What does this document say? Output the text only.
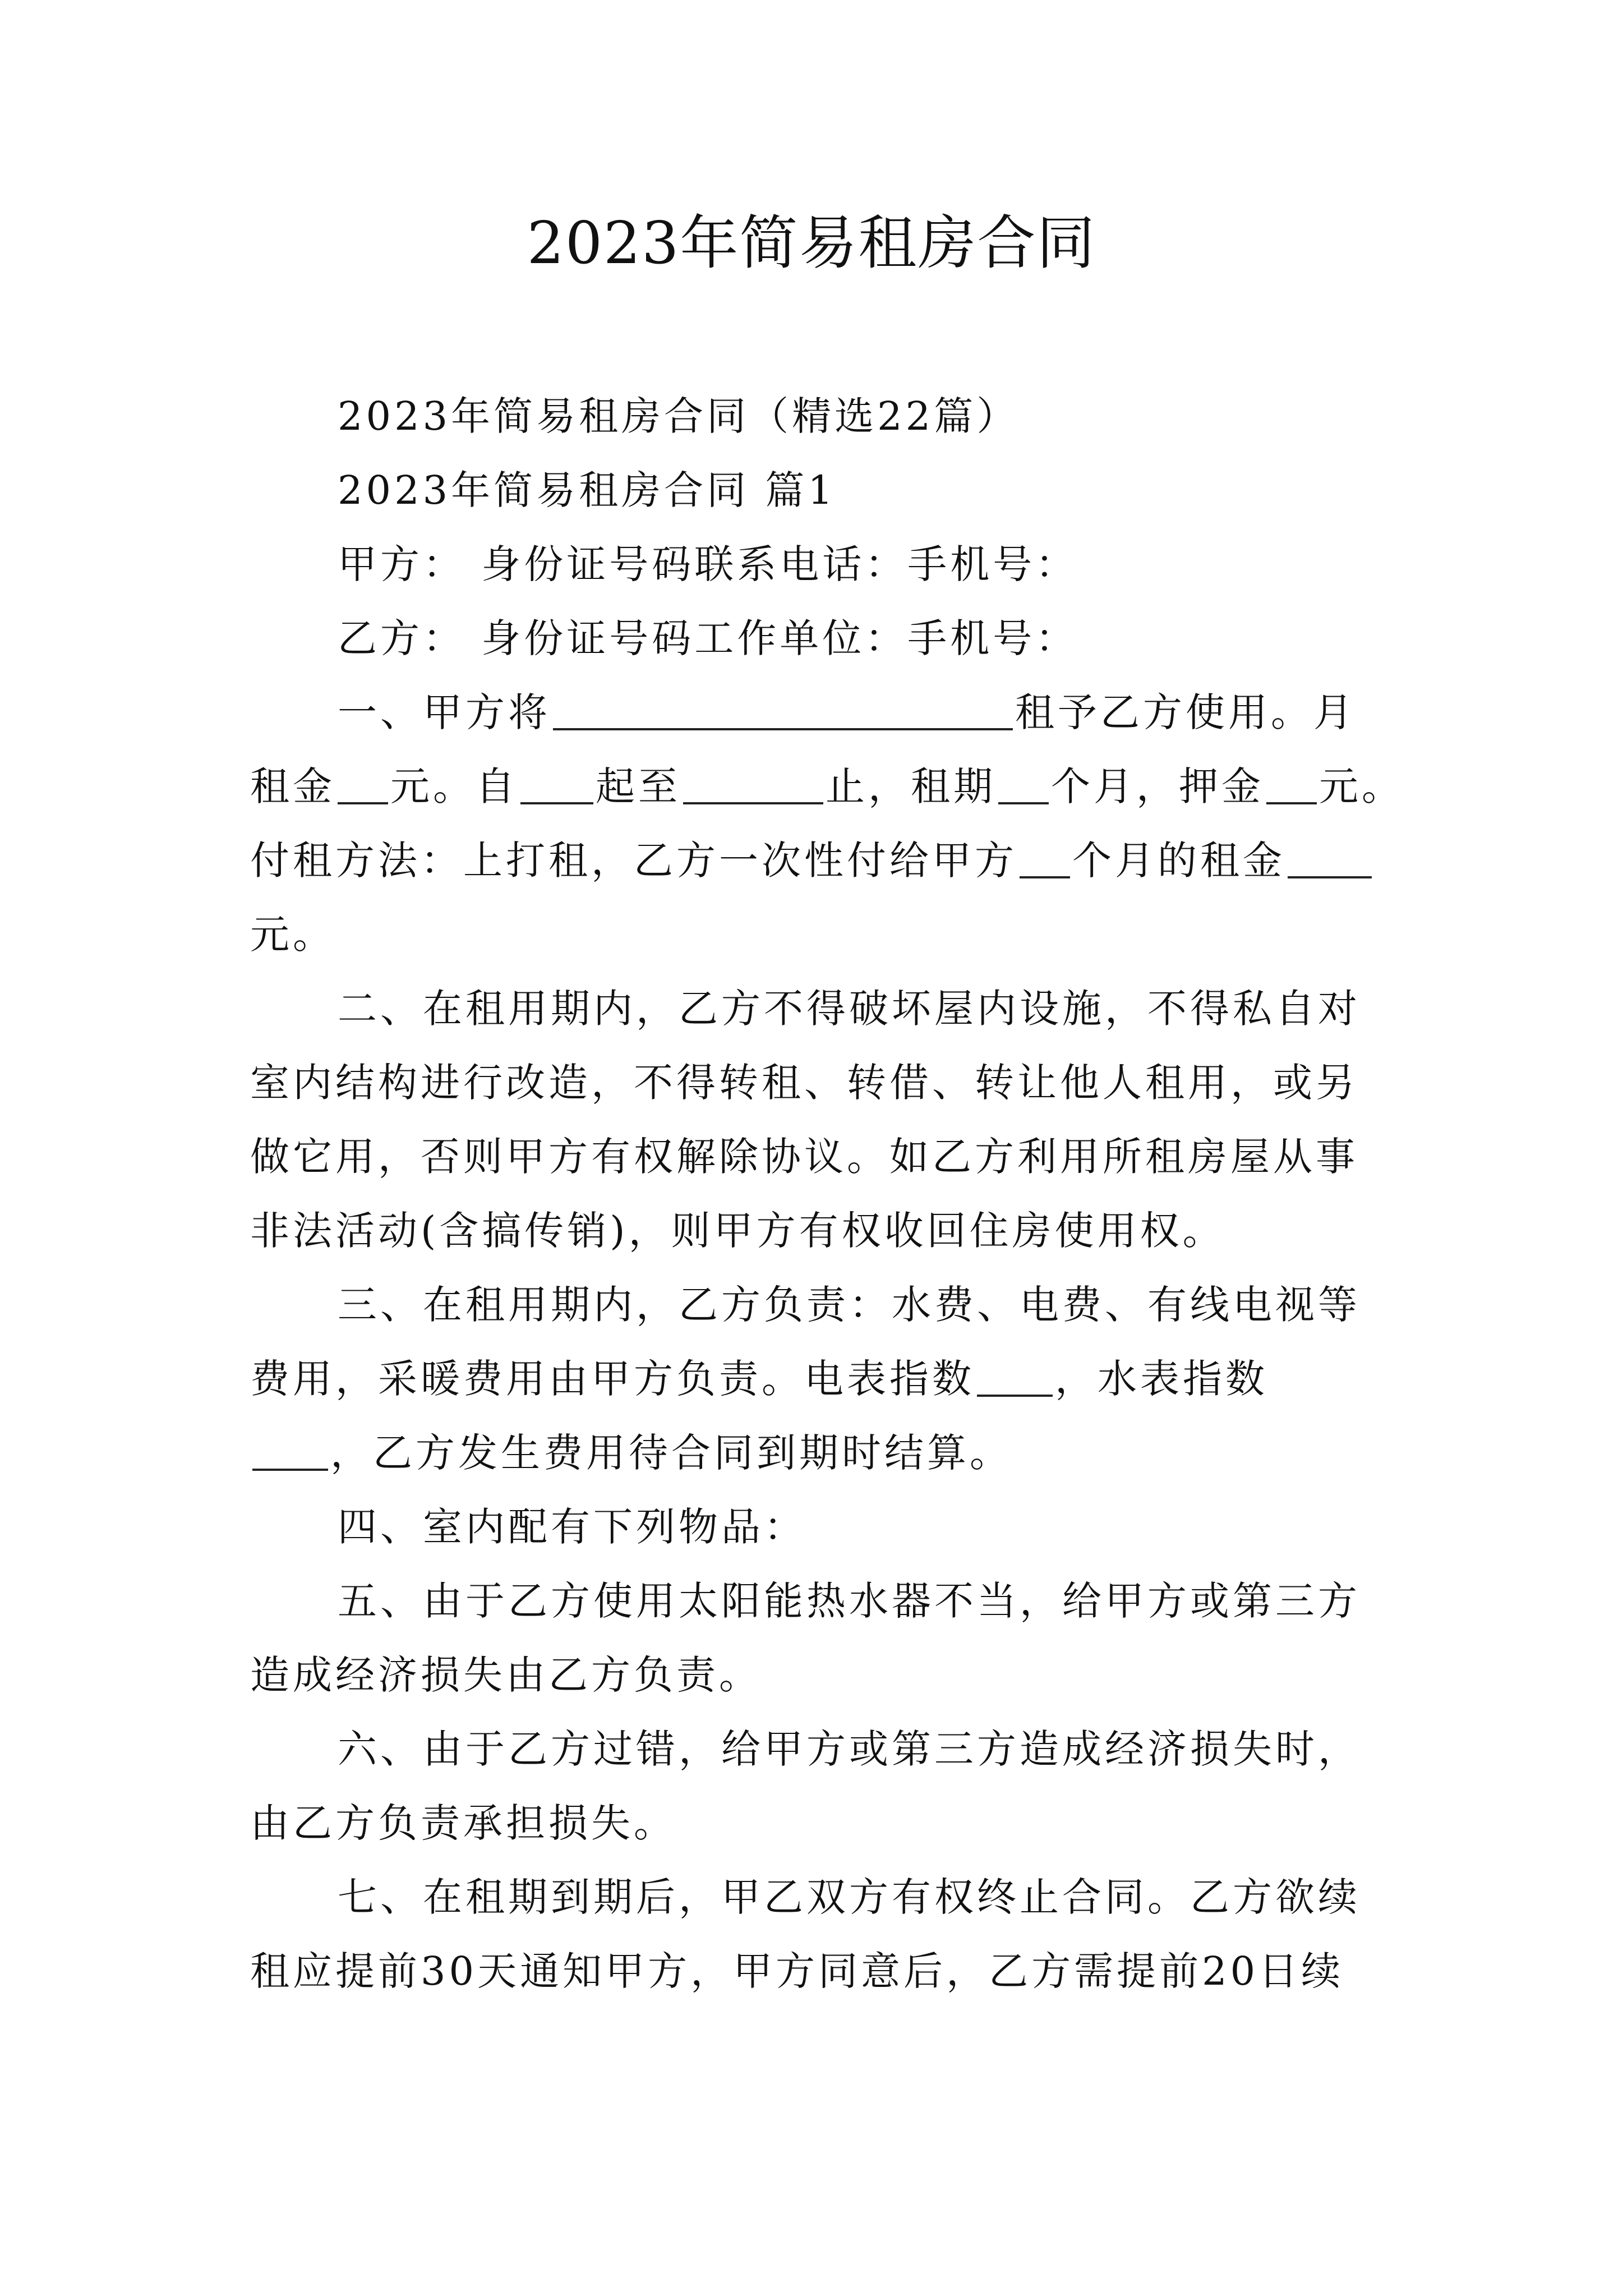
2023年简易租房合同
2023年简易租房合同（精选22篇）
2023年简易租房合同 篇1
甲方： 身份证号码联系电话：手机号：
乙方： 身份证号码工作单位：手机号：
一、甲方将	租予乙方使用。月
租金 元。自 起至	止，租期 个月，押金 元。
付租方法：上打租，乙方一次性付给甲方 个月的租金
元。
二、在租用期内，乙方不得破坏屋内设施，不得私自对
室内结构进行改造，不得转租、转借、转让他人租用，或另
做它用，否则甲方有权解除协议。如乙方利用所租房屋从事
非法活动(含搞传销)，则甲方有权收回住房使用权。
三、在租用期内，乙方负责：水费、电费、有线电视等
费用，采暖费用由甲方负责。电表指数 ，水表指数
，乙方发生费用待合同到期时结算。
四、室内配有下列物品：
五、由于乙方使用太阳能热水器不当，给甲方或第三方
造成经济损失由乙方负责。
六、由于乙方过错，给甲方或第三方造成经济损失时，
由乙方负责承担损失。
七、在租期到期后，甲乙双方有权终止合同。乙方欲续
租应提前30天通知甲方，甲方同意后，乙方需提前20日续
